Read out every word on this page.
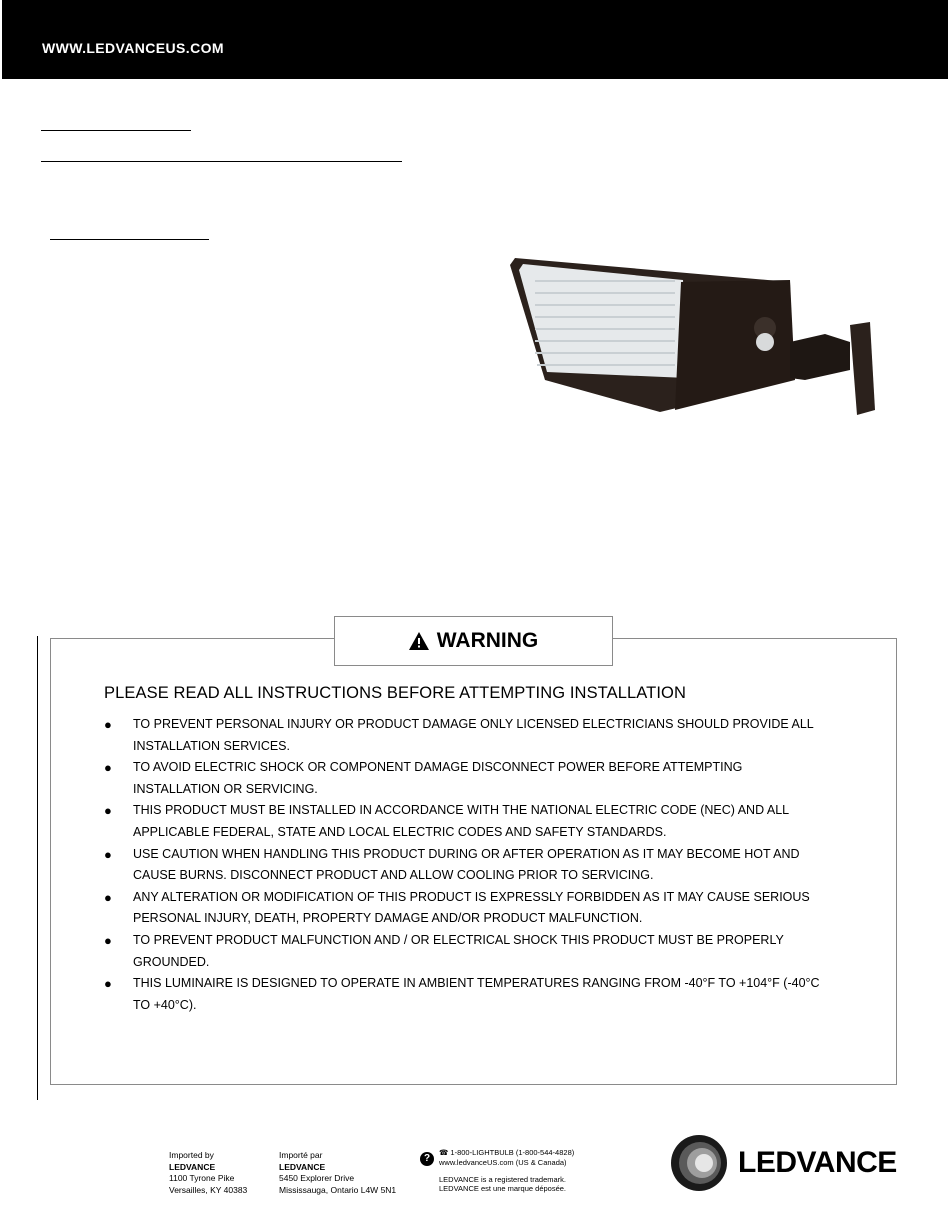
WWW.LEDVANCEUS.COM
WARNING
PLEASE READ ALL INSTRUCTIONS BEFORE ATTEMPTING INSTALLATION
● TO PREVENT PERSONAL INJURY OR PRODUCT DAMAGE ONLY LICENSED ELECTRICIANS SHOULD PROVIDE ALL INSTALLATION SERVICES.
● TO AVOID ELECTRIC SHOCK OR COMPONENT DAMAGE DISCONNECT POWER BEFORE ATTEMPTING INSTALLATION OR SERVICING.
● THIS PRODUCT MUST BE INSTALLED IN ACCORDANCE WITH THE NATIONAL ELECTRIC CODE (NEC) AND ALL APPLICABLE FEDERAL, STATE AND LOCAL ELECTRIC CODES AND SAFETY STANDARDS.
● USE CAUTION WHEN HANDLING THIS PRODUCT DURING OR AFTER OPERATION AS IT MAY BECOME HOT AND CAUSE BURNS. DISCONNECT PRODUCT AND ALLOW COOLING PRIOR TO SERVICING.
● ANY ALTERATION OR MODIFICATION OF THIS PRODUCT IS EXPRESSLY FORBIDDEN AS IT MAY CAUSE SERIOUS PERSONAL INJURY, DEATH, PROPERTY DAMAGE AND/OR PRODUCT MALFUNCTION.
● TO PREVENT PRODUCT MALFUNCTION AND / OR ELECTRICAL SHOCK THIS PRODUCT MUST BE PROPERLY GROUNDED.
● THIS LUMINAIRE IS DESIGNED TO OPERATE IN AMBIENT TEMPERATURES RANGING FROM -40°F TO +104°F (-40°C TO +40°C).
Imported by
LEDVANCE
1100 Tyrone Pike
Versailles, KY 40383
Importé par
LEDVANCE
5450 Explorer Drive
Mississauga, Ontario L4W 5N1
?
☎ 1-800-LIGHTBULB (1-800-544-4828)
www.ledvanceUS.com (US & Canada)
LEDVANCE is a registered trademark.
LEDVANCE est une marque déposée.
LEDVANCE
